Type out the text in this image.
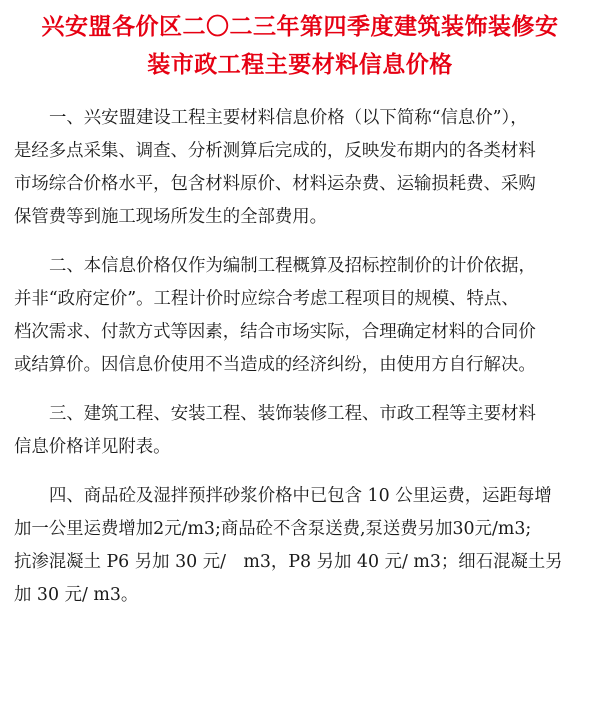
兴安盟各价区二〇二三年第四季度建筑装饰装修安
装市政工程主要材料信息价格

一、兴安盟建设工程主要材料信息价格（以下简称“信息价”），
是经多点采集、调查、分析测算后完成的，反映发布期内的各类材料
市场综合价格水平，包含材料原价、材料运杂费、运输损耗费、采购
保管费等到施工现场所发生的全部费用。

二、本信息价格仅作为编制工程概算及招标控制价的计价依据，
并非“政府定价”。工程计价时应综合考虑工程项目的规模、特点、
档次需求、付款方式等因素，结合市场实际，合理确定材料的合同价
或结算价。因信息价使用不当造成的经济纠纷，由使用方自行解决。

三、建筑工程、安装工程、装饰装修工程、市政工程等主要材料
信息价格详见附表。

四、商品砼及湿拌预拌砂浆价格中已包含 10 公里运费，运距每增
加一公里运费增加2元/m3;商品砼不含泵送费,泵送费另加30元/m3;
抗渗混凝土 P6 另加 30 元/　m3，P8 另加 40 元/ m3；细石混凝土另
加 30 元/ m3。
